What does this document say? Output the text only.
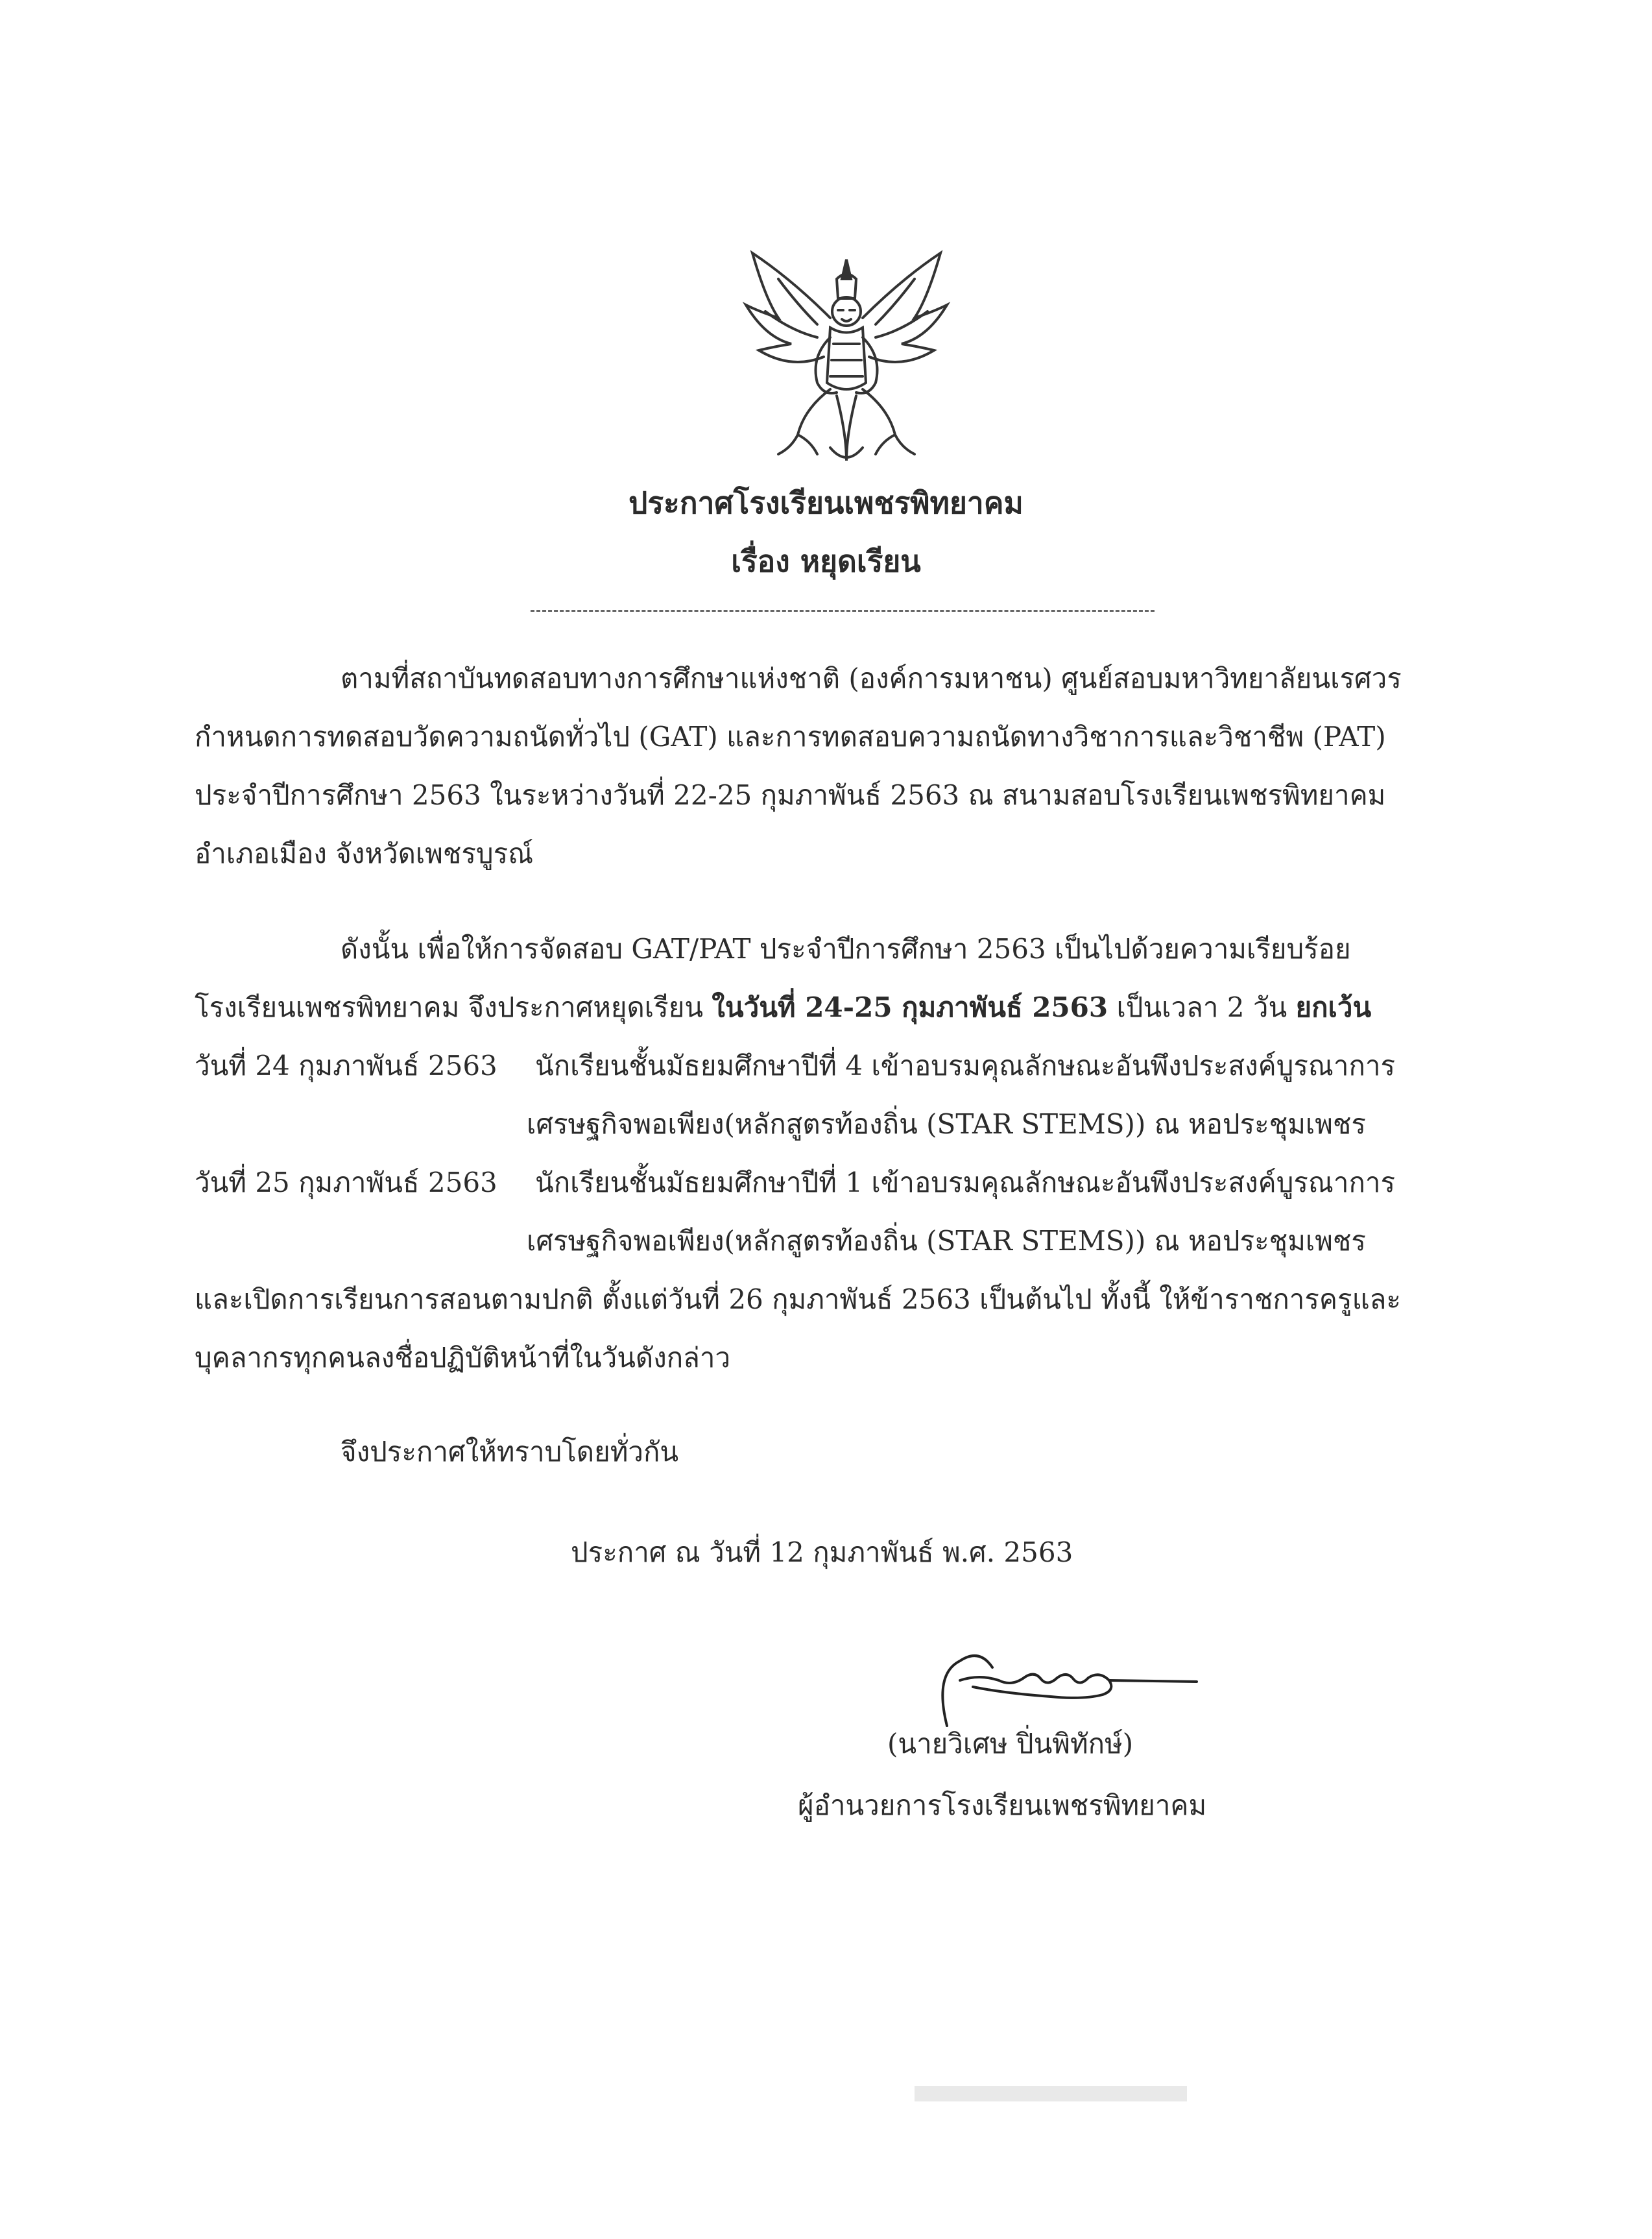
ประกาศโรงเรียนเพชรพิทยาคม
เรื่อง หยุดเรียน
ตามที่สถาบันทดสอบทางการศึกษาแห่งชาติ (องค์การมหาชน) ศูนย์สอบมหาวิทยาลัยนเรศวร
กำหนดการทดสอบวัดความถนัดทั่วไป (GAT) และการทดสอบความถนัดทางวิชาการและวิชาชีพ (PAT)
ประจำปีการศึกษา 2563 ในระหว่างวันที่ 22-25 กุมภาพันธ์ 2563 ณ สนามสอบโรงเรียนเพชรพิทยาคม
อำเภอเมือง จังหวัดเพชรบูรณ์
ดังนั้น เพื่อให้การจัดสอบ GAT/PAT ประจำปีการศึกษา 2563 เป็นไปด้วยความเรียบร้อย
โรงเรียนเพชรพิทยาคม จึงประกาศหยุดเรียน ในวันที่ 24-25 กุมภาพันธ์ 2563 เป็นเวลา 2 วัน ยกเว้น
วันที่ 24 กุมภาพันธ์ 2563 นักเรียนชั้นมัธยมศึกษาปีที่ 4 เข้าอบรมคุณลักษณะอันพึงประสงค์บูรณาการ
เศรษฐกิจพอเพียง(หลักสูตรท้องถิ่น (STAR STEMS)) ณ หอประชุมเพชร
วันที่ 25 กุมภาพันธ์ 2563 นักเรียนชั้นมัธยมศึกษาปีที่ 1 เข้าอบรมคุณลักษณะอันพึงประสงค์บูรณาการ
เศรษฐกิจพอเพียง(หลักสูตรท้องถิ่น (STAR STEMS)) ณ หอประชุมเพชร
และเปิดการเรียนการสอนตามปกติ ตั้งแต่วันที่ 26 กุมภาพันธ์ 2563 เป็นต้นไป ทั้งนี้ ให้ข้าราชการครูและ
บุคลากรทุกคนลงชื่อปฏิบัติหน้าที่ในวันดังกล่าว
จึงประกาศให้ทราบโดยทั่วกัน
ประกาศ ณ วันที่ 12 กุมภาพันธ์ พ.ศ. 2563
(นายวิเศษ ปิ่นพิทักษ์)
ผู้อำนวยการโรงเรียนเพชรพิทยาคม
